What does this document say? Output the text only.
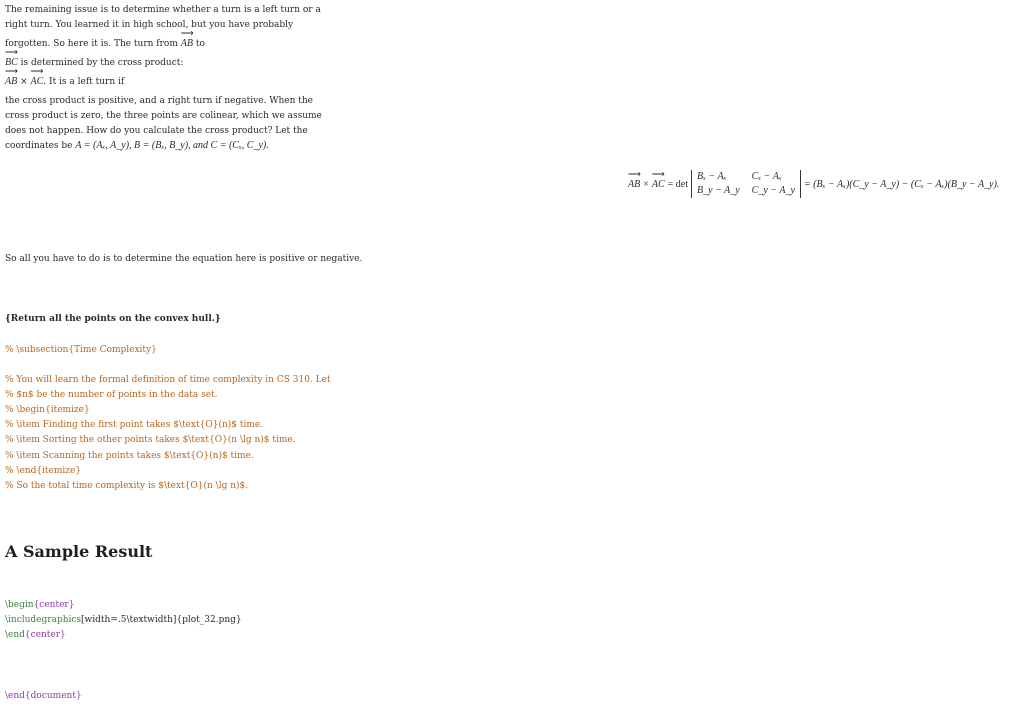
The remaining issue is to determine whether a turn is a left turn or a
right turn. You learned it in high school, but you have probably
forgotten. So here it is. The turn from ⟶ AB to
⟶ BC is determined by the cross product:
⟶ AB × ⟶ AC. It is a left turn if
the cross product is positive, and a right turn if negative. When the
cross product is zero, the three points are colinear, which we assume
does not happen. How do you calculate the cross product? Let the
coordinates be A = (Aₓ, A_y), B = (Bₓ, B_y), and C = (Cₓ, C_y).
⟶ AB × ⟶ AC = det
Bₓ − Aₓ	Cₓ − Aₓ
B_y − A_y C_y − A_y
= (Bₓ − Aₓ)(C_y − A_y) − (Cₓ − Aₓ)(B_y − A_y).
So all you have to do is to determine the equation here is positive or negative.
{Return all the points on the convex hull.}
% \subsection{Time Complexity}
% You will learn the formal definition of time complexity in CS 310. Let
% $n$ be the number of points in the data set.
% \begin{itemize}
% \item Finding the first point takes $\text{O}(n)$ time.
% \item Sorting the other points takes $\text{O}(n \lg n)$ time.
% \item Scanning the points takes $\text{O}(n)$ time.
% \end{itemize}
% So the total time complexity is $\text{O}(n \lg n)$.
A Sample Result
\begin{center}
\includegraphics[width=.5\textwidth]{plot_32.png}
\end{center}
\end{document}
